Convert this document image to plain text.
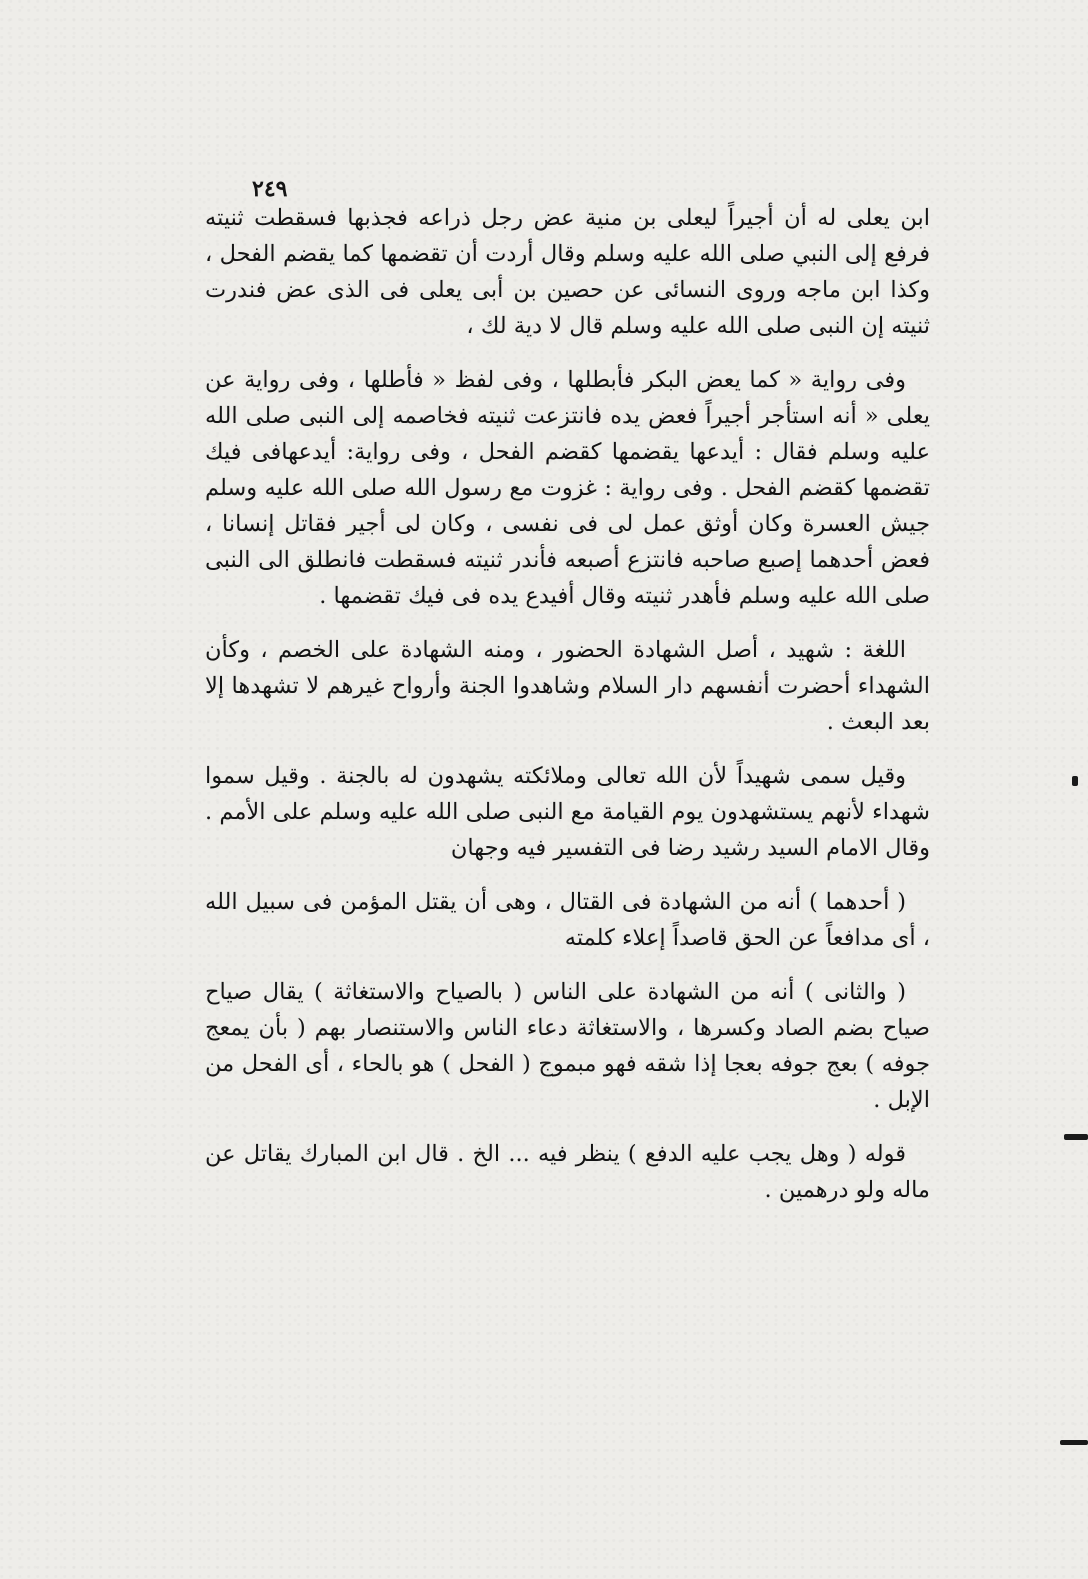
٢٤٩

ابن يعلى له أن أجيراً ليعلى بن منية عض رجل ذراعه فجذبها فسقطت ثنيته فرفع إلى النبي صلى الله عليه وسلم وقال أردت أن تقضمها كما يقضم الفحل ، وكذا ابن ماجه وروى النسائى عن حصين بن أبى يعلى فى الذى عض فندرت ثنيته إن النبى صلى الله عليه وسلم قال لا دية لك ،

وفى رواية « كما يعض البكر فأبطلها ، وفى لفظ « فأطلها ، وفى رواية عن يعلى « أنه استأجر أجيراً فعض يده فانتزعت ثنيته فخاصمه إلى النبى صلى الله عليه وسلم فقال : أيدعها يقضمها كقضم الفحل ، وفى رواية: أيدعهافى فيك تقضمها كقضم الفحل . وفى رواية : غزوت مع رسول الله صلى الله عليه وسلم جيش العسرة وكان أوثق عمل لى فى نفسى ، وكان لى أجير فقاتل إنسانا ، فعض أحدهما إصبع صاحبه فانتزع أصبعه فأندر ثنيته فسقطت فانطلق الى النبى صلى الله عليه وسلم فأهدر ثنيته وقال أفيدع يده فى فيك تقضمها .

اللغة : شهيد ، أصل الشهادة الحضور ، ومنه الشهادة على الخصم ، وكأن الشهداء أحضرت أنفسهم دار السلام وشاهدوا الجنة وأرواح غيرهم لا تشهدها إلا بعد البعث .

وقيل سمى شهيداً لأن الله تعالى وملائكته يشهدون له بالجنة . وقيل سموا شهداء لأنهم يستشهدون يوم القيامة مع النبى صلى الله عليه وسلم على الأمم . وقال الامام السيد رشيد رضا فى التفسير فيه وجهان

( أحدهما ) أنه من الشهادة فى القتال ، وهى أن يقتل المؤمن فى سبيل الله ، أى مدافعاً عن الحق قاصداً إعلاء كلمته

( والثانى ) أنه من الشهادة على الناس ( بالصياح والاستغاثة ) يقال صياح صياح بضم الصاد وكسرها ، والاستغاثة دعاء الناس والاستنصار بهم ( بأن يمعج جوفه ) بعج جوفه بعجا إذا شقه فهو مبموج ( الفحل ) هو بالحاء ، أى الفحل من الإبل .

قوله ( وهل يجب عليه الدفع ) ينظر فيه ... الخ . قال ابن المبارك يقاتل عن ماله ولو درهمين .
